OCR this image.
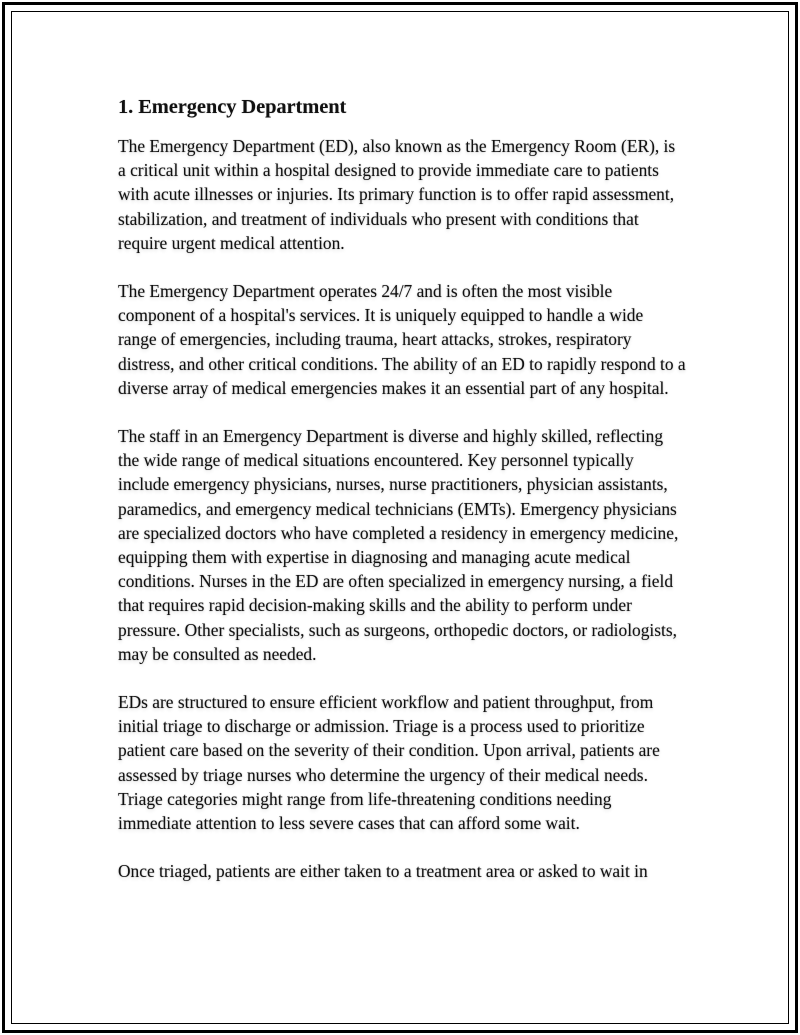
1. Emergency Department

The Emergency Department (ED), also known as the Emergency Room (ER), is a critical unit within a hospital designed to provide immediate care to patients with acute illnesses or injuries. Its primary function is to offer rapid assessment, stabilization, and treatment of individuals who present with conditions that require urgent medical attention.

The Emergency Department operates 24/7 and is often the most visible component of a hospital's services. It is uniquely equipped to handle a wide range of emergencies, including trauma, heart attacks, strokes, respiratory distress, and other critical conditions. The ability of an ED to rapidly respond to a diverse array of medical emergencies makes it an essential part of any hospital.

The staff in an Emergency Department is diverse and highly skilled, reflecting the wide range of medical situations encountered. Key personnel typically include emergency physicians, nurses, nurse practitioners, physician assistants, paramedics, and emergency medical technicians (EMTs). Emergency physicians are specialized doctors who have completed a residency in emergency medicine, equipping them with expertise in diagnosing and managing acute medical conditions. Nurses in the ED are often specialized in emergency nursing, a field that requires rapid decision-making skills and the ability to perform under pressure. Other specialists, such as surgeons, orthopedic doctors, or radiologists, may be consulted as needed.

EDs are structured to ensure efficient workflow and patient throughput, from initial triage to discharge or admission. Triage is a process used to prioritize patient care based on the severity of their condition. Upon arrival, patients are assessed by triage nurses who determine the urgency of their medical needs. Triage categories might range from life-threatening conditions needing immediate attention to less severe cases that can afford some wait.

Once triaged, patients are either taken to a treatment area or asked to wait in
